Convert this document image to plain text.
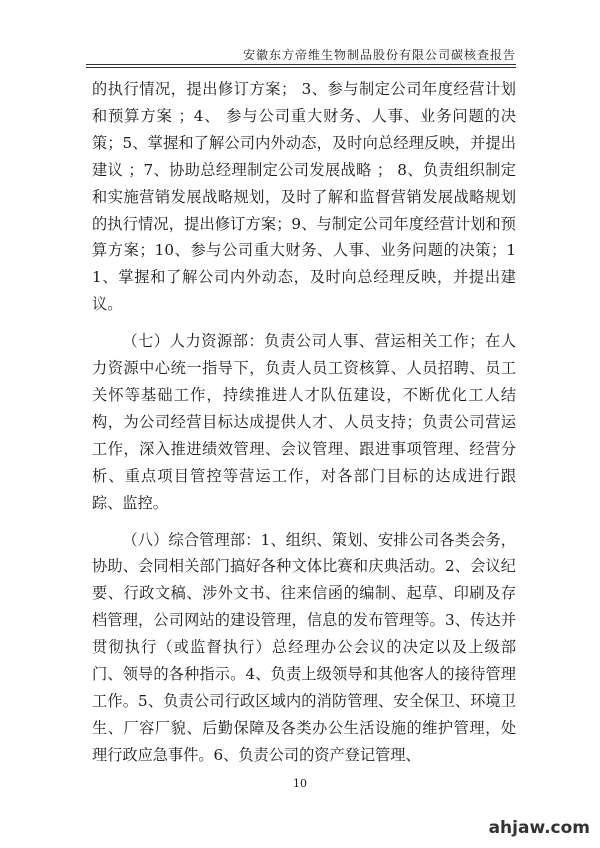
安徽东方帝维生物制品股份有限公司碳核查报告

的执行情况，提出修订方案； 3、参与制定公司年度经营计划和预算方案 ；4、 参与公司重大财务、人事、业务问题的决策；5、掌握和了解公司内外动态，及时向总经理反映，并提出建议 ；7、协助总经理制定公司发展战略 ； 8、负责组织制定和实施营销发展战略规划，及时了解和监督营销发展战略规划的执行情况，提出修订方案；9、与制定公司年度经营计划和预算方案；10、参与公司重大财务、人事、业务问题的决策；11、掌握和了解公司内外动态，及时向总经理反映，并提出建议。

（七）人力资源部：负责公司人事、营运相关工作；在人力资源中心统一指导下，负责人员工资核算、人员招聘、员工关怀等基础工作，持续推进人才队伍建设，不断优化工人结构，为公司经营目标达成提供人才、人员支持；负责公司营运工作，深入推进绩效管理、会议管理、跟进事项管理、经营分析、重点项目管控等营运工作，对各部门目标的达成进行跟踪、监控。

（八）综合管理部：1、组织、策划、安排公司各类会务，协助、会同相关部门搞好各种文体比赛和庆典活动。2、会议纪要、行政文稿、涉外文书、往来信函的编制、起草、印刷及存档管理，公司网站的建设管理，信息的发布管理等。3、传达并贯彻执行（或监督执行）总经理办公会议的决定以及上级部门、领导的各种指示。4、负责上级领导和其他客人的接待管理工作。5、负责公司行政区域内的消防管理、安全保卫、环境卫生、厂容厂貌、后勤保障及各类办公生活设施的维护管理，处理行政应急事件。6、负责公司的资产登记管理、

10
ahjaw.com
